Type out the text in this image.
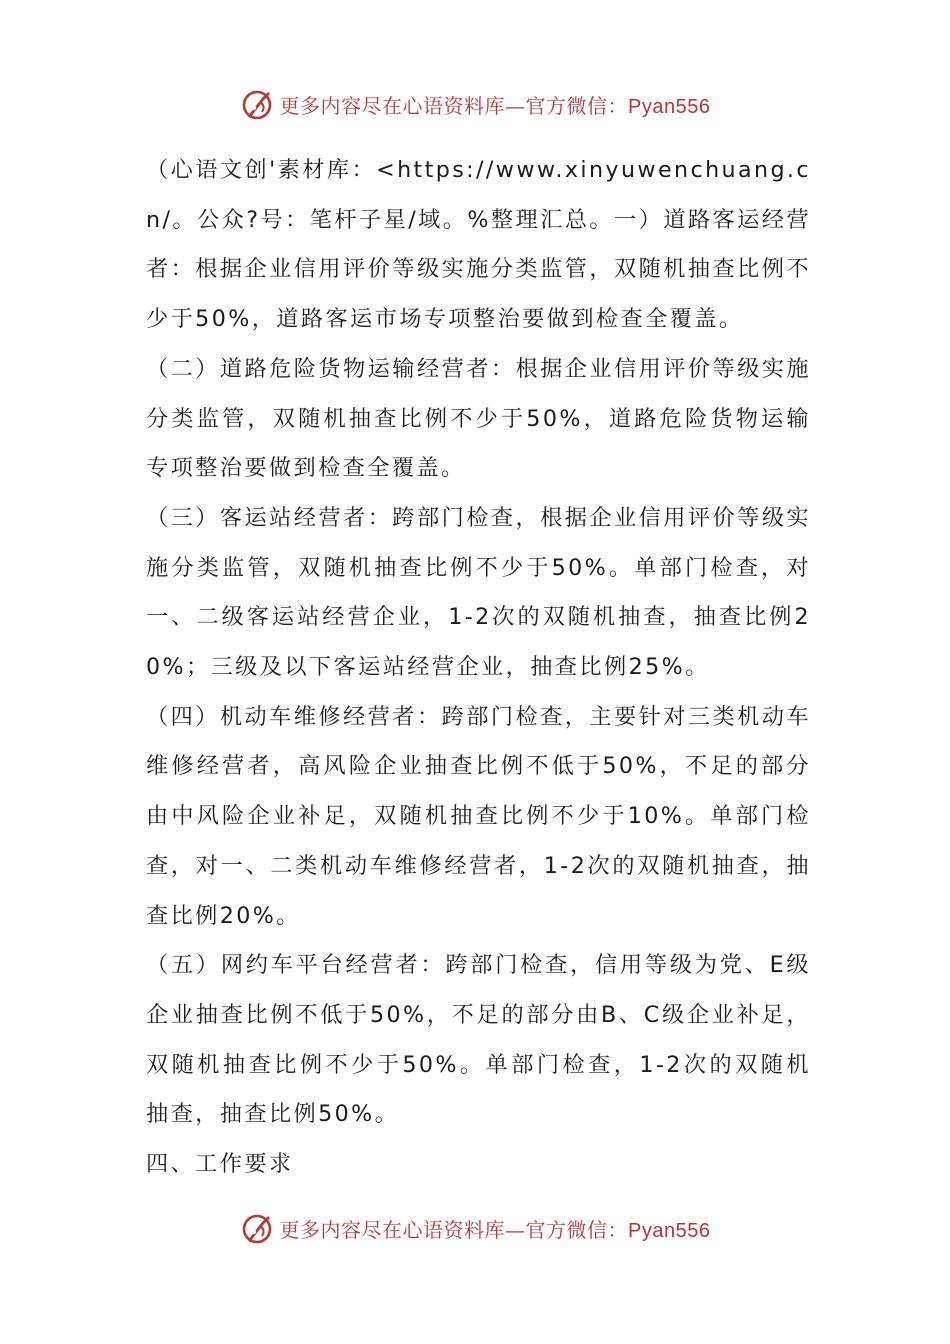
更多内容尽在心语资料库—官方微信：Pyan556

（心语文创'素材库：<https://www.xinyuwenchuang.cn/。公众?号：笔杆子星/域。%整理汇总。一）道路客运经营者：根据企业信用评价等级实施分类监管，双随机抽查比例不少于50%，道路客运市场专项整治要做到检查全覆盖。

（二）道路危险货物运输经营者：根据企业信用评价等级实施分类监管，双随机抽查比例不少于50%，道路危险货物运输专项整治要做到检查全覆盖。

（三）客运站经营者：跨部门检查，根据企业信用评价等级实施分类监管，双随机抽查比例不少于50%。单部门检查，对一、二级客运站经营企业，1-2次的双随机抽查，抽查比例20%；三级及以下客运站经营企业，抽查比例25%。

（四）机动车维修经营者：跨部门检查，主要针对三类机动车维修经营者，高风险企业抽查比例不低于50%，不足的部分由中风险企业补足，双随机抽查比例不少于10%。单部门检查，对一、二类机动车维修经营者，1-2次的双随机抽查，抽查比例20%。

（五）网约车平台经营者：跨部门检查，信用等级为党、E级企业抽查比例不低于50%，不足的部分由B、C级企业补足，双随机抽查比例不少于50%。单部门检查，1-2次的双随机抽查，抽查比例50%。

四、工作要求

更多内容尽在心语资料库—官方微信：Pyan556
